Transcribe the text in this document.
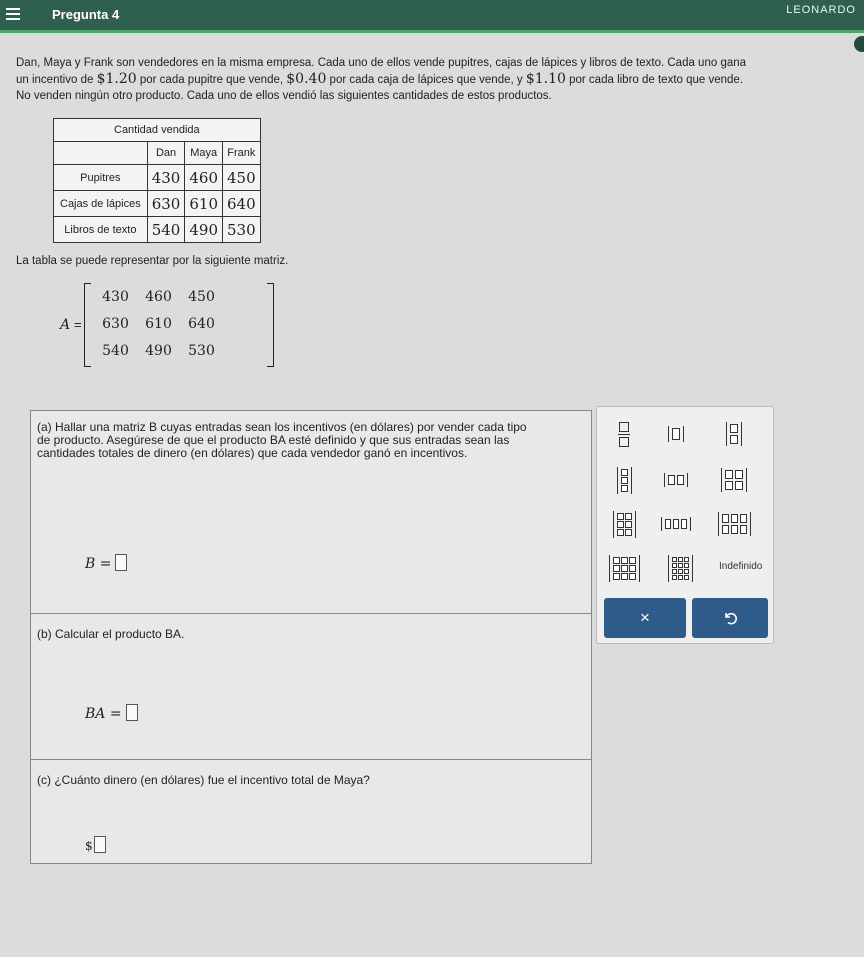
Pregunta 4	LEONARDO
Dan, Maya y Frank son vendedores en la misma empresa. Cada uno de ellos vende pupitres, cajas de lápices y libros de texto. Cada uno gana
un incentivo de $1.20 por cada pupitre que vende, $0.40 por cada caja de lápices que vende, y $1.10 por cada libro de texto que vende.
No venden ningún otro producto. Cada uno de ellos vendió las siguientes cantidades de estos productos.
Cantidad vendida			
	Dan	Maya	Frank
Pupitres	430	460	450
Cajas de lápices	630	610	640
Libros de texto	540	490	530
La tabla se puede representar por la siguiente matriz.
A =
430	460	450
630	610	640
540	490	530
(a) Hallar una matriz B cuyas entradas sean los incentivos (en dólares) por vender cada tipo de producto. Asegúrese de que el producto BA esté definido y que sus entradas sean las cantidades totales de dinero (en dólares) que cada vendedor ganó en incentivos.
B =
(b) Calcular el producto BA.
BA =
(c) ¿Cuánto dinero (en dólares) fue el incentivo total de Maya?
$
Indefinido
×
